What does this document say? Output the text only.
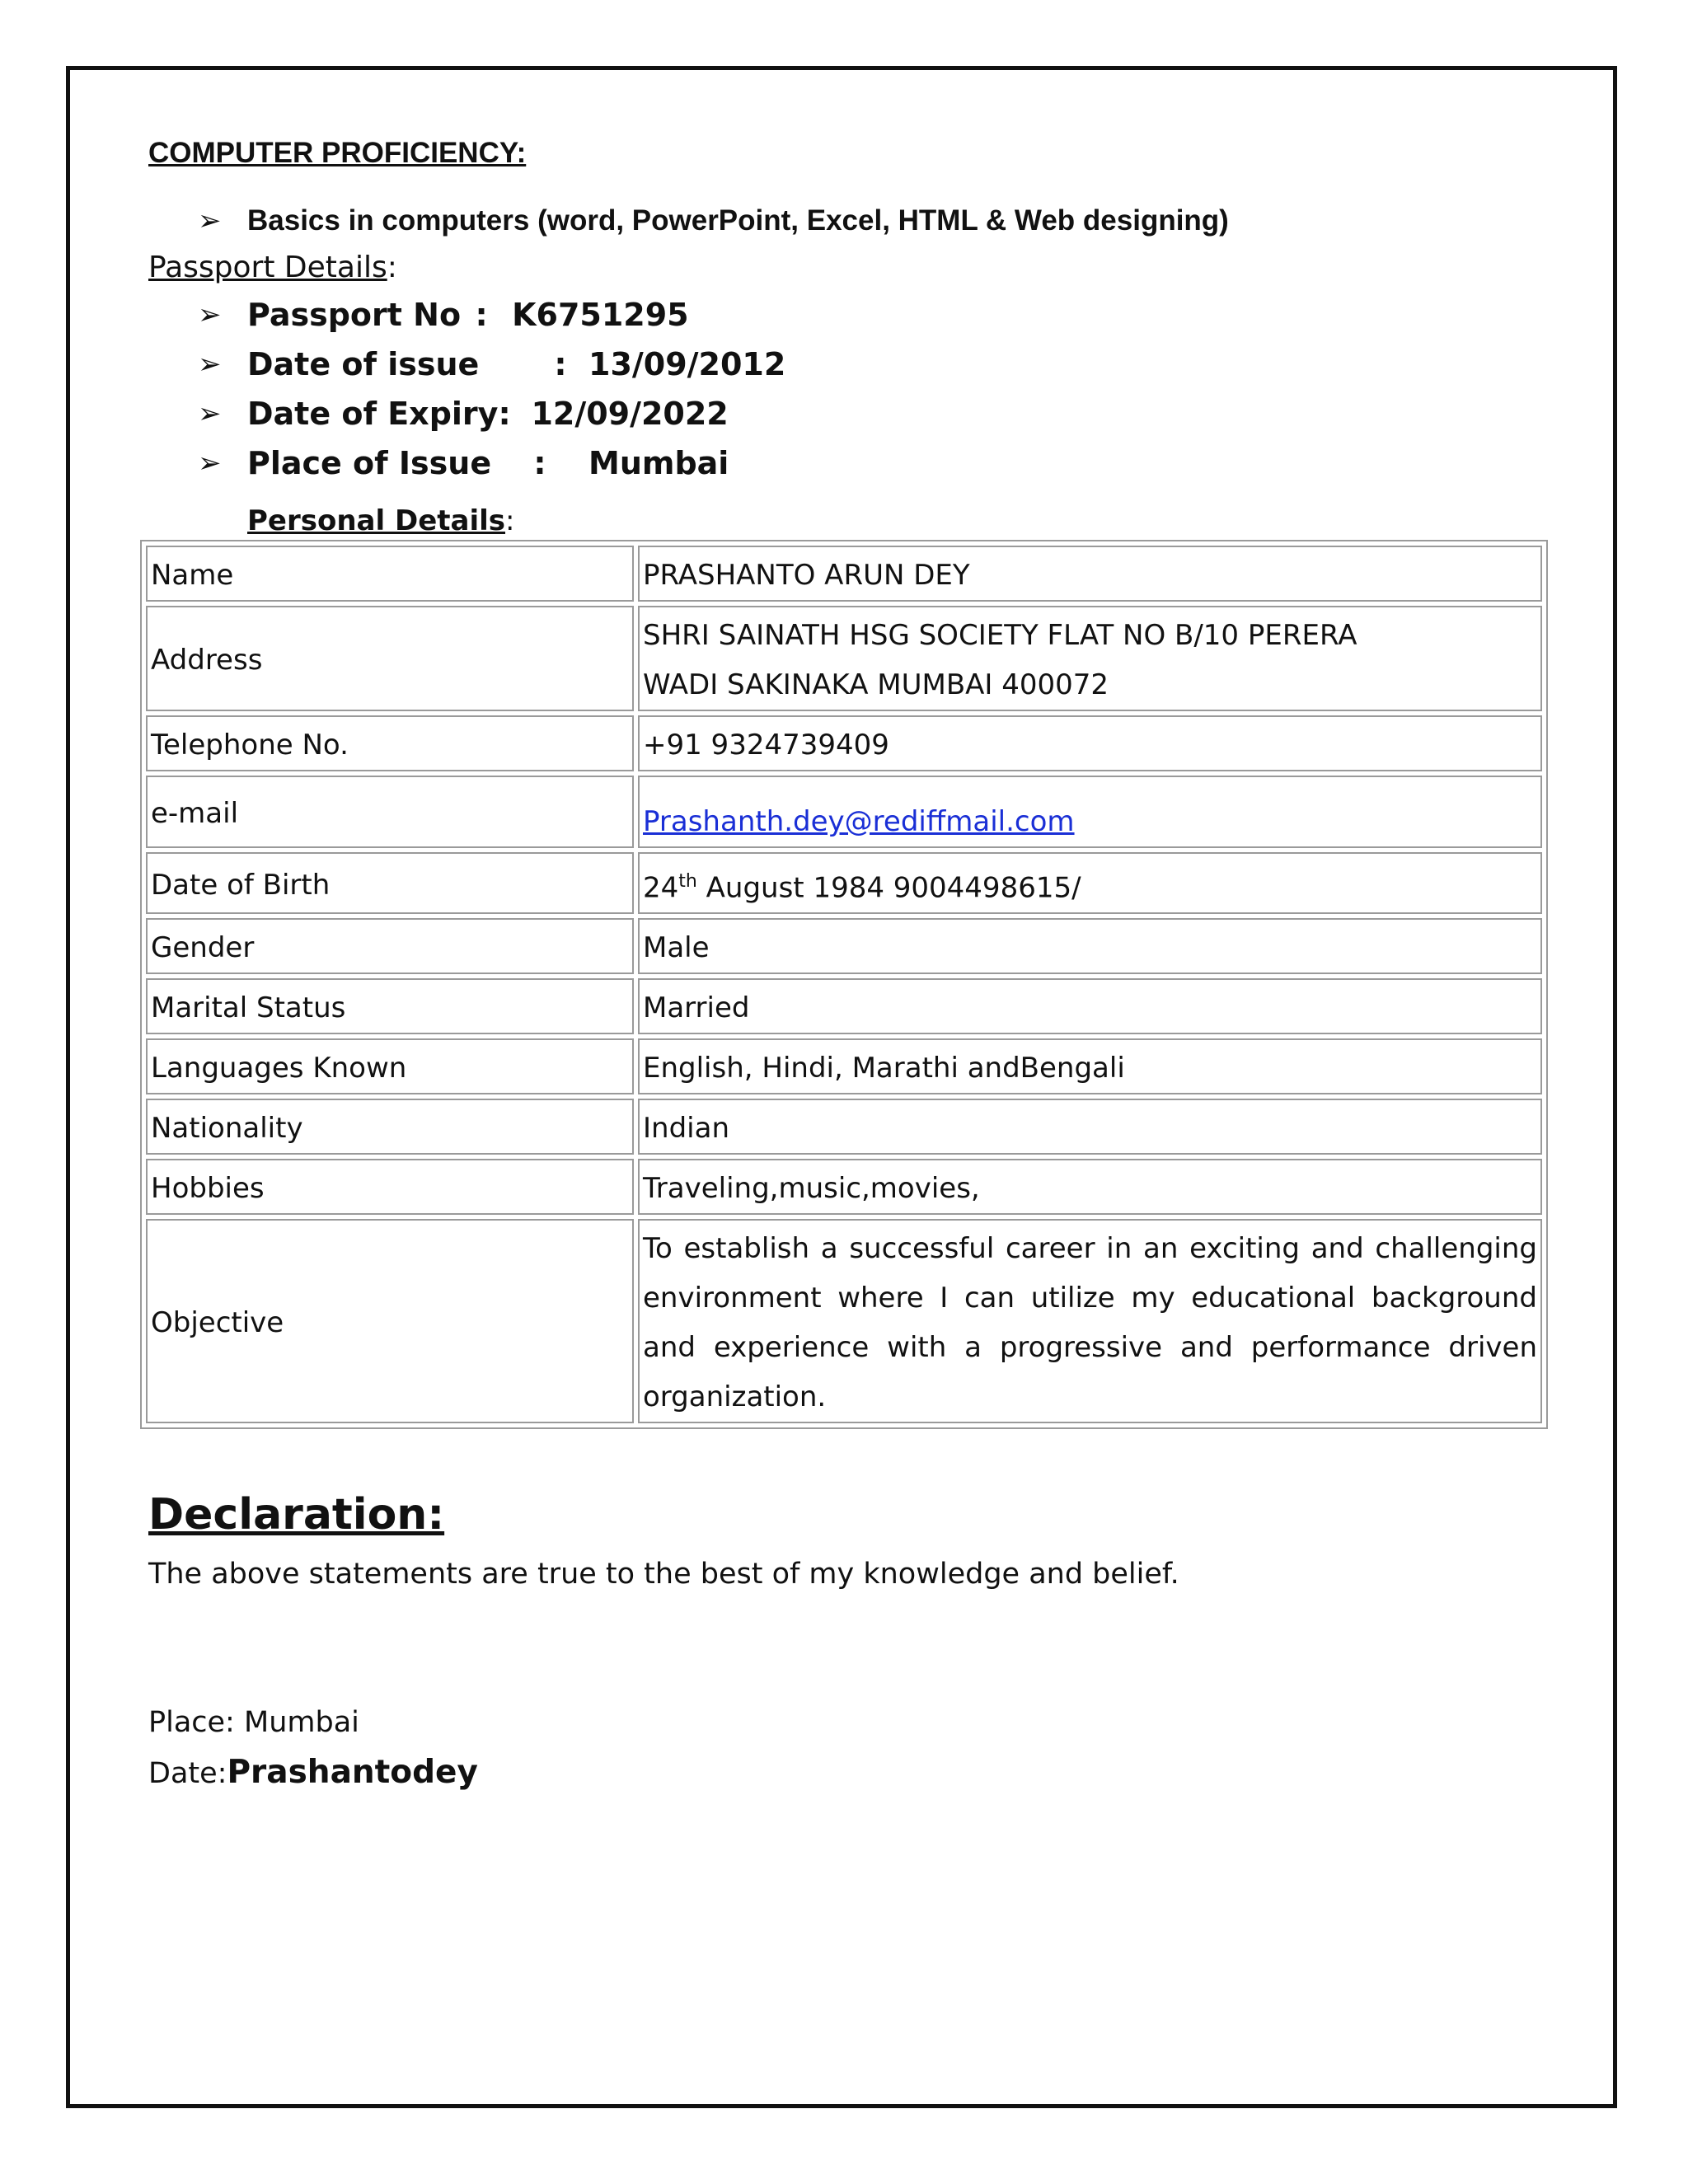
COMPUTER PROFICIENCY:
➢ Basics in computers (word, PowerPoint, Excel, HTML & Web designing)
Passport Details:
➢ Passport No : K6751295
➢ Date of issue	: 13/09/2012
➢ Date of Expiry : 12/09/2022
➢ Place of Issue	: Mumbai
Personal Details:
Name	PRASHANTO ARUN DEY
Address	SHRI SAINATH HSG SOCIETY FLAT NO B/10 PERERA
WADI SAKINAKA MUMBAI 400072

Telephone No.	+91 9324739409
e-mail	Prashanth.dey@rediffmail.com
Date of Birth	24th August 1984 9004498615/
Gender	Male
Marital Status	Married
Languages Known	English, Hindi, Marathi andBengali
Nationality	Indian
Hobbies	Traveling,music,movies,
Objective	To establish a successful career in an exciting and challenging environment where I can utilize my educational background and experience with a progressive and performance driven organization.
Declaration:
The above statements are true to the best of my knowledge and belief.
Place: Mumbai
Date:Prashantodey
